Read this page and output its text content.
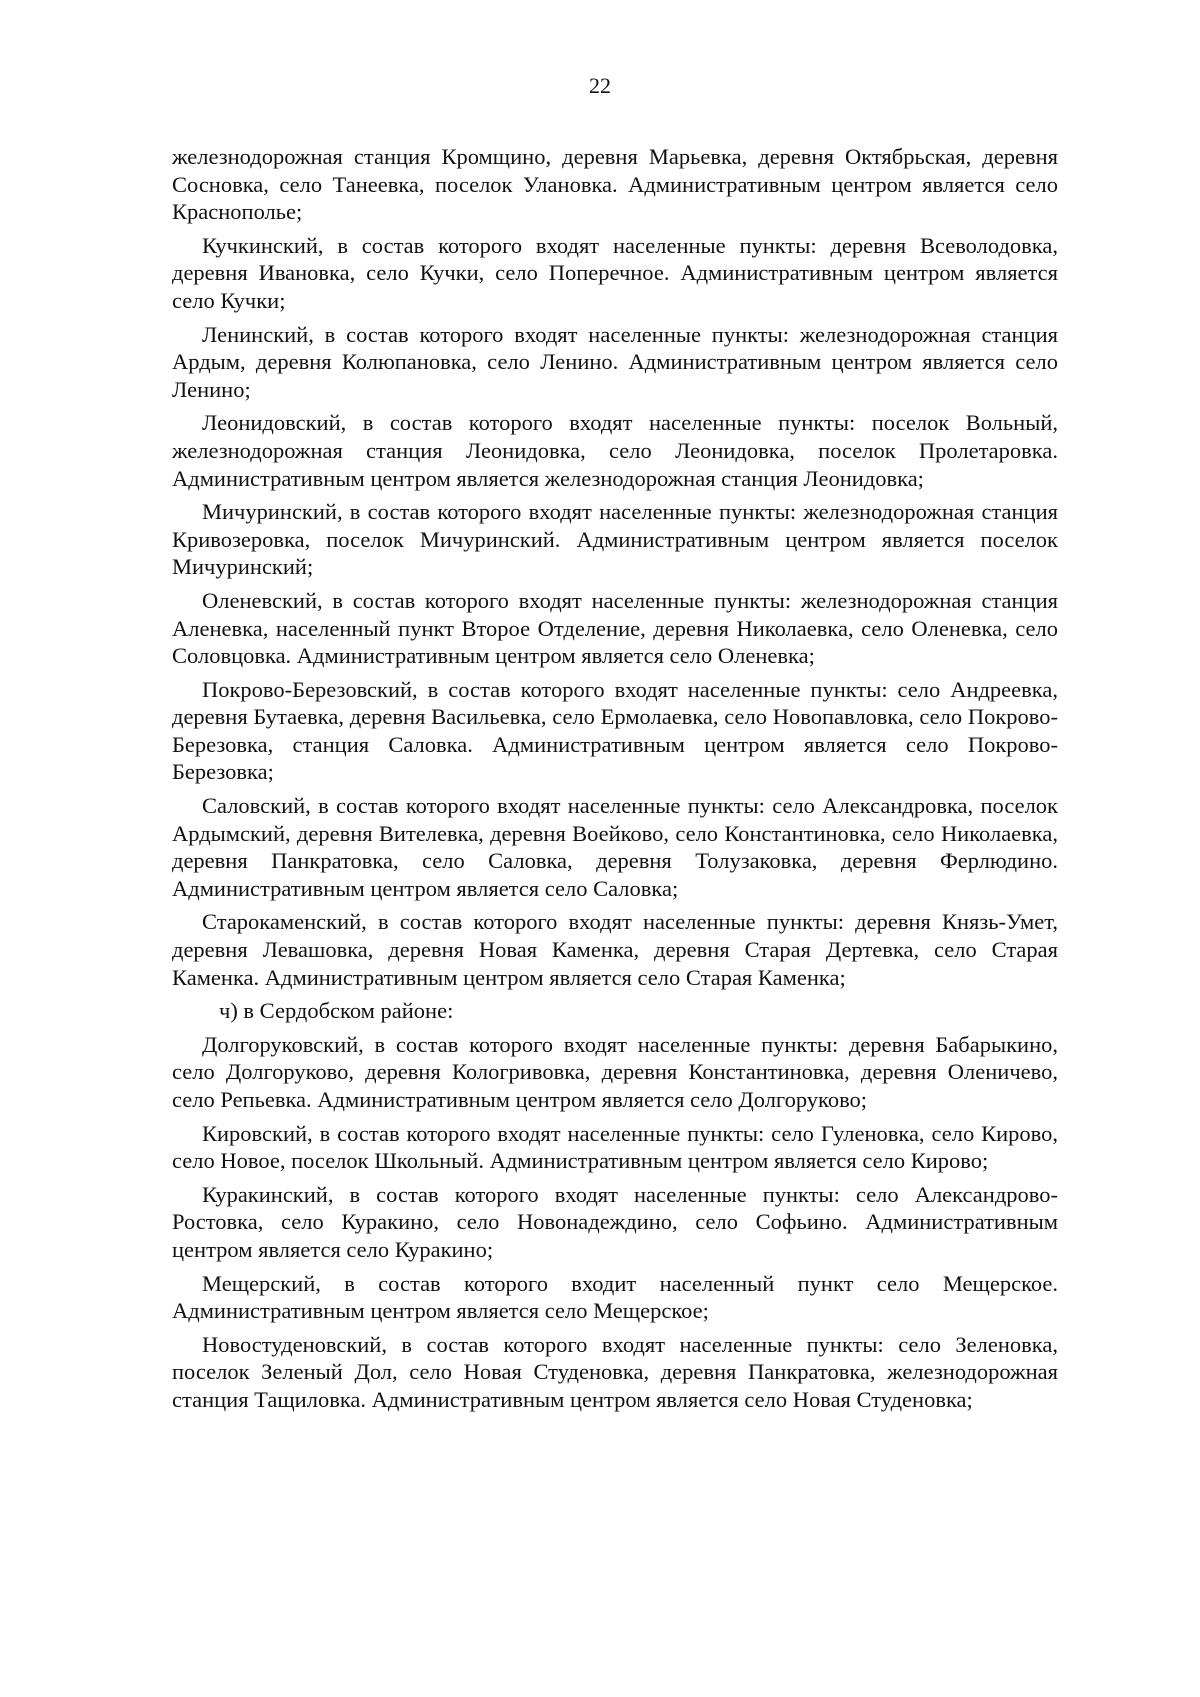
22

железнодорожная станция Кромщино, деревня Марьевка, деревня Октябрьская, деревня Сосновка, село Танеевка, поселок Улановка. Административным центром является село Краснополье;

Кучкинский, в состав которого входят населенные пункты: деревня Всеволодовка, деревня Ивановка, село Кучки, село Поперечное. Административным центром является село Кучки;

Ленинский, в состав которого входят населенные пункты: железнодорожная станция Ардым, деревня Колюпановка, село Ленино. Административным центром является село Ленино;

Леонидовский, в состав которого входят населенные пункты: поселок Вольный, железнодорожная станция Леонидовка, село Леонидовка, поселок Пролетаровка. Административным центром является железнодорожная станция Леонидовка;

Мичуринский, в состав которого входят населенные пункты: железнодорожная станция Кривозеровка, поселок Мичуринский. Административным центром является поселок Мичуринский;

Оленевский, в состав которого входят населенные пункты: железнодорожная станция Аленевка, населенный пункт Второе Отделение, деревня Николаевка, село Оленевка, село Соловцовка. Административным центром является село Оленевка;

Покрово-Березовский, в состав которого входят населенные пункты: село Андреевка, деревня Бутаевка, деревня Васильевка, село Ермолаевка, село Новопавловка, село Покрово-Березовка, станция Саловка. Административным центром является село Покрово-Березовка;

Саловский, в состав которого входят населенные пункты: село Александровка, поселок Ардымский, деревня Вителевка, деревня Воейково, село Константиновка, село Николаевка, деревня Панкратовка, село Саловка, деревня Толузаковка, деревня Ферлюдино. Административным центром является село Саловка;

Старокаменский, в состав которого входят населенные пункты: деревня Князь-Умет, деревня Левашовка, деревня Новая Каменка, деревня Старая Дертевка, село Старая Каменка. Административным центром является село Старая Каменка;

ч) в Сердобском районе:

Долгоруковский, в состав которого входят населенные пункты: деревня Бабарыкино, село Долгоруково, деревня Кологривовка, деревня Константиновка, деревня Оленичево, село Репьевка. Административным центром является село Долгоруково;

Кировский, в состав которого входят населенные пункты: село Гуленовка, село Кирово, село Новое, поселок Школьный. Административным центром является село Кирово;

Куракинский, в состав которого входят населенные пункты: село Александрово-Ростовка, село Куракино, село Новонадеждино, село Софьино. Административным центром является село Куракино;

Мещерский, в состав которого входит населенный пункт село Мещерское. Административным центром является село Мещерское;

Новостуденовский, в состав которого входят населенные пункты: село Зеленовка, поселок Зеленый Дол, село Новая Студеновка, деревня Панкратовка, железнодорожная станция Тащиловка. Административным центром является село Новая Студеновка;
